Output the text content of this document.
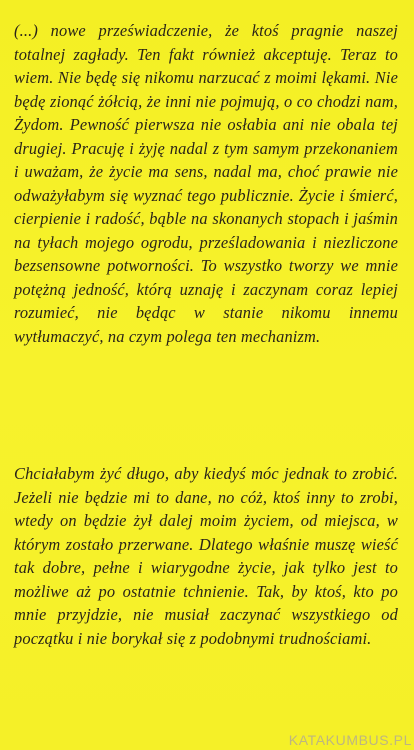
(...) nowe przeświadczenie, że ktoś pragnie naszej totalnej zagłady. Ten fakt również akceptuję. Teraz to wiem. Nie będę się nikomu narzucać z moimi lękami. Nie będę zionąć żółcią, że inni nie pojmują, o co chodzi nam, Żydom. Pewność pierwsza nie osłabia ani nie obala tej drugiej. Pracuję i żyję nadal z tym samym przekonaniem i uważam, że życie ma sens, nadal ma, choć prawie nie odważyłabym się wyznać tego publicznie. Życie i śmierć, cierpienie i radość, bąble na skonanych stopach i jaśmin na tyłach mojego ogrodu, prześladowania i niezliczone bezsensowne potworności. To wszystko tworzy we mnie potężną jedność, którą uznaję i zaczynam coraz lepiej rozumieć, nie będąc w stanie nikomu innemu wytłumaczyć, na czym polega ten mechanizm.

Chciałabym żyć długo, aby kiedyś móc jednak to zrobić. Jeżeli nie będzie mi to dane, no cóż, ktoś inny to zrobi, wtedy on będzie żył dalej moim życiem, od miejsca, w którym zostało przerwane. Dlatego właśnie muszę wieść tak dobre, pełne i wiarygodne życie, jak tylko jest to możliwe aż po ostatnie tchnienie. Tak, by ktoś, kto po mnie przyjdzie, nie musiał zaczynać wszystkiego od początku i nie borykał się z podobnymi trudnościami.

KATAKUMBUS.PL
